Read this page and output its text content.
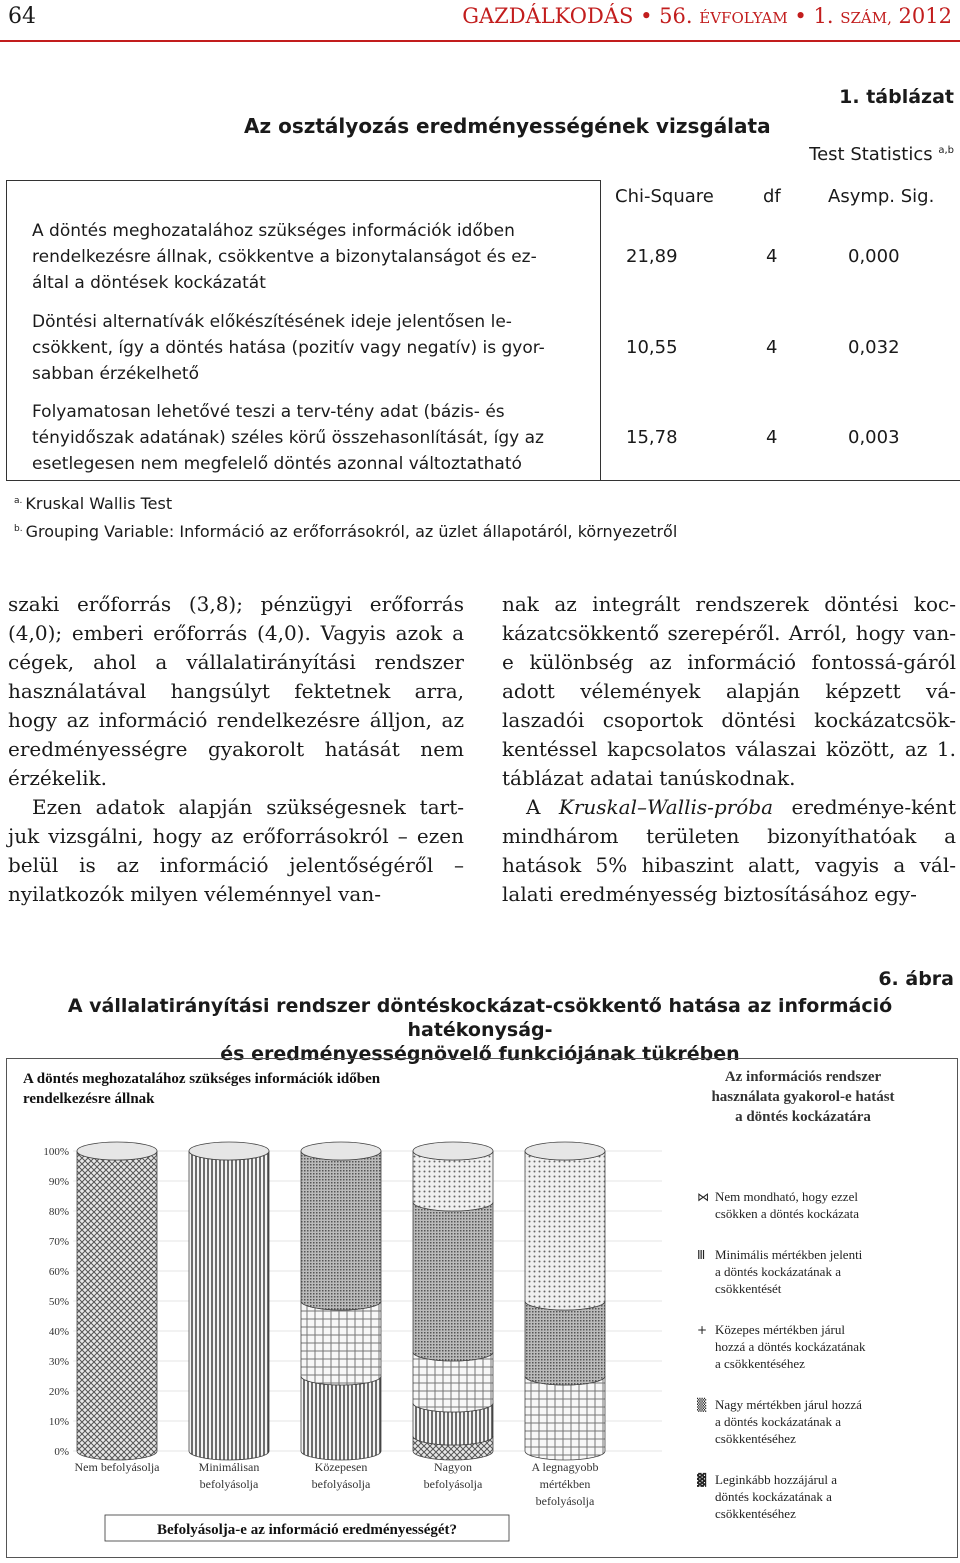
64	GAZDÁLKODÁS • 56. ÉVFOLYAM • 1. SZÁM, 2012
1. táblázat
Az osztályozás eredményességének vizsgálata
Test Statistics $^{a,b}$
Chi-Square	df	Asymp. Sig.
A döntés meghozatalához szükséges információk időben rendelkezésre állnak, csökkentve a bizonytalanságot és ez-által a döntések kockázatát
21,89	4	0,000
Döntési alternatívák előkészítésének ideje jelentősen le-csökkent, így a döntés hatása (pozitív vagy negatív) is gyor-sabban érzékelhető
10,55	4	0,032
Folyamatosan lehetővé teszi a terv-tény adat (bázis- és tényidőszak adatának) széles körű összehasonlítását, így az esetlegesen nem megfelelő döntés azonnal változtatható
15,78	4	0,003
$^{a.}$ Kruskal Wallis Test
$^{b.}$ Grouping Variable: Információ az erőforrásokról, az üzlet állapotáról, környezetről

szaki erőforrás (3,8); pénzügyi erőforrás (4,0); emberi erőforrás (4,0). Vagyis azok a cégek, ahol a vállalatirányítási rendszer használatával hangsúlyt fektetnek arra, hogy az információ rendelkezésre álljon, az eredményességre gyakorolt hatását nem érzékelik.

Ezen adatok alapján szükségesnek tart-juk vizsgálni, hogy az erőforrásokról – ezen belül is az információ jelentőségéről – nyilatkozók milyen véleménnyel van-

nak az integrált rendszerek döntési koc-kázatcsökkentő szerepéről. Arról, hogy van-e különbség az információ fontossá-gáról adott vélemények alapján képzett vá-laszadói csoportok döntési kockázatcsök-kentéssel kapcsolatos válaszai között, az 1. táblázat adatai tanúskodnak.

A Kruskal–Wallis-próba eredménye-ként mindhárom területen bizonyíthatóak a hatások 5% hibaszint alatt, vagyis a vál-lalati eredményesség biztosításához egy-

6. ábra
A vállalatirányítási rendszer döntéskockázat-csökkentő hatása az információ hatékonyság-
és eredményességnövelő funkciójának tükrében
A döntés meghozatalához szükséges információk időben
rendelkezésre állnak
0%
10%
20%
30%
40%
50%
60%
70%
80%
90%
100%
Nem befolyásolja	Minimálisan
befolyásolja
Közepesen
befolyásolja
Nagyon
befolyásolja
A legnagyobb
mértékben
befolyásolja
Befolyásolja-e az információ eredményességét?
Az információs rendszer
használata gyakorol-e hatást
a döntés kockázatára
⋈ Nem mondható, hogy ezzel
csökken a döntés kockázata
Ⅲ Minimális mértékben jelenti
a döntés kockázatának a
csökkentését
+ Közepes mértékben járul
hozzá a döntés kockázatának
a csökkentéséhez
▒ Nagy mértékben járul hozzá
a döntés kockázatának a
csökkentéséhez
▓ Leginkább hozzájárul a
döntés kockázatának a
csökkentéséhez
